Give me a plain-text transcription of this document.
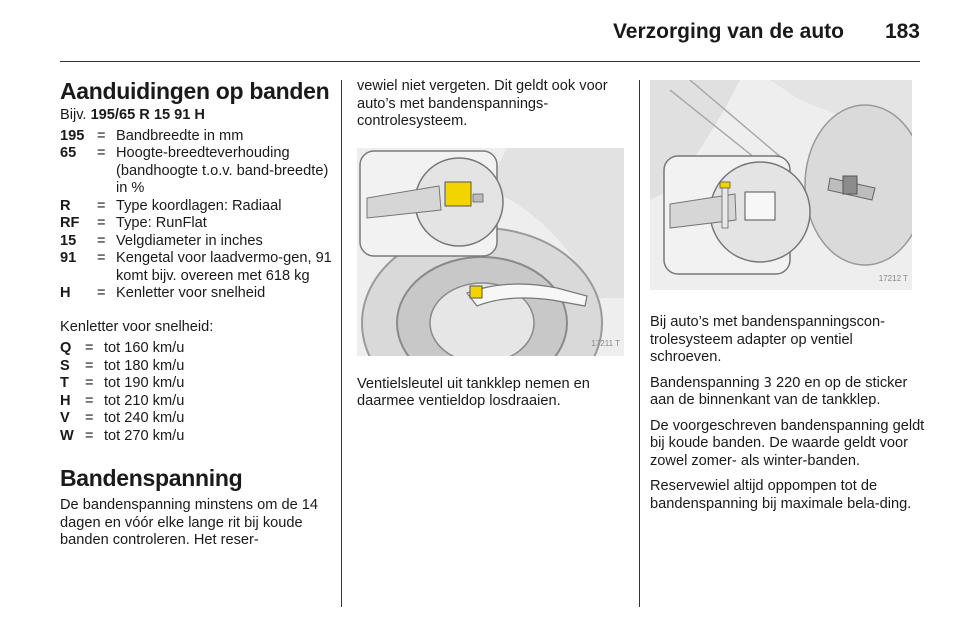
Verzorging van de auto 183
Aanduidingen op banden
Bijv. 195/65 R 15 91 H
195	=	Bandbreedte in mm
65	=	Hoogte-breedteverhouding (bandhoogte t.o.v. band-breedte) in %
R	=	Type koordlagen: Radiaal
RF	=	Type: RunFlat
15	=	Velgdiameter in inches
91	=	Kengetal voor laadvermo-gen, 91 komt bijv. overeen met 618 kg
H	=	Kenletter voor snelheid

Kenletter voor snelheid:

Q	=	tot 160 km/u
S	=	tot 180 km/u
T	=	tot 190 km/u
H	=	tot 210 km/u
V	=	tot 240 km/u
W	=	tot 270 km/u
Bandenspanning

De bandenspanning minstens om de 14 dagen en vóór elke lange rit bij koude banden controleren. Het reser-

vewiel niet vergeten. Dit geldt ook voor auto’s met bandenspannings-controlesysteem.

17211 T

Ventielsleutel uit tankklep nemen en daarmee ventieldop losdraaien.

17212 T

Bij auto’s met bandenspanningscon-trolesysteem adapter op ventiel schroeven.

Bandenspanning 3 220 en op de sticker aan de binnenkant van de tankklep.

De voorgeschreven bandenspanning geldt bij koude banden. De waarde geldt voor zowel zomer- als winter-banden.

Reservewiel altijd oppompen tot de bandenspanning bij maximale bela-ding.
